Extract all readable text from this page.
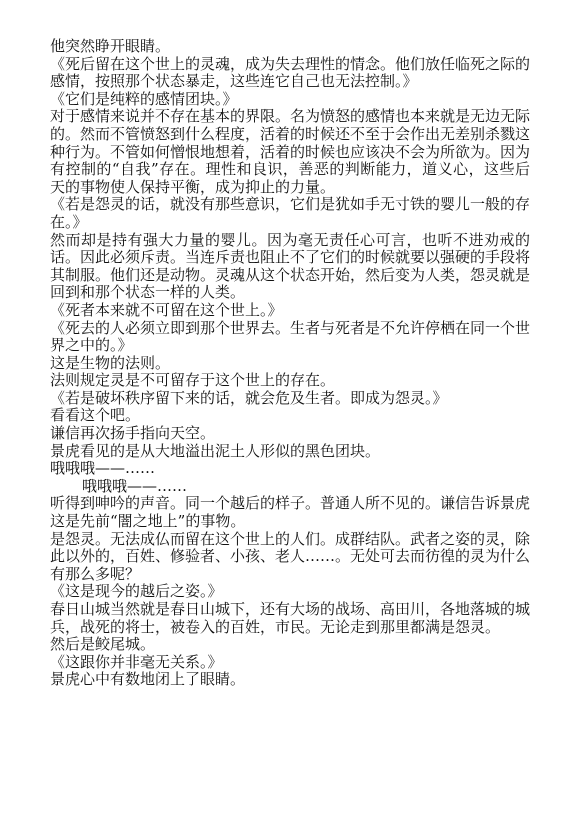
他突然睁开眼睛。

《死后留在这个世上的灵魂，成为失去理性的情念。他们放任临死之际的感情，按照那个状态暴走，这些连它自己也无法控制。》

《它们是纯粹的感情团块。》

对于感情来说并不存在基本的界限。名为愤怒的感情也本来就是无边无际的。然而不管愤怒到什么程度，活着的时候还不至于会作出无差别杀戮这种行为。不管如何憎恨地想着，活着的时候也应该决不会为所欲为。因为有控制的“自我”存在。理性和良识，善恶的判断能力，道义心，这些后天的事物使人保持平衡，成为抑止的力量。

《若是怨灵的话，就没有那些意识，它们是犹如手无寸铁的婴儿一般的存在。》

然而却是持有强大力量的婴儿。因为毫无责任心可言，也听不进劝戒的话。因此必须斥责。当连斥责也阻止不了它们的时候就要以强硬的手段将其制服。他们还是动物。灵魂从这个状态开始，然后变为人类，怨灵就是回到和那个状态一样的人类。

《死者本来就不可留在这个世上。》

《死去的人必须立即到那个世界去。生者与死者是不允许停栖在同一个世界之中的。》

这是生物的法则。

法则规定灵是不可留存于这个世上的存在。

《若是破坏秩序留下来的话，就会危及生者。即成为怨灵。》

看看这个吧。

谦信再次扬手指向天空。

景虎看见的是从大地溢出泥土人形似的黑色团块。

哦哦哦——……

哦哦哦——……

听得到呻吟的声音。同一个越后的样子。普通人所不见的。谦信告诉景虎这是先前“闇之地上”的事物。

是怨灵。无法成仏而留在这个世上的人们。成群结队。武者之姿的灵，除此以外的，百姓、修验者、小孩、老人……。无处可去而彷徨的灵为什么有那么多呢？

《这是现今的越后之姿。》

春日山城当然就是春日山城下，还有大场的战场、高田川，各地落城的城兵，战死的将士，被卷入的百姓，市民。无论走到那里都满是怨灵。

然后是鲛尾城。

《这跟你并非毫无关系。》

景虎心中有数地闭上了眼睛。
